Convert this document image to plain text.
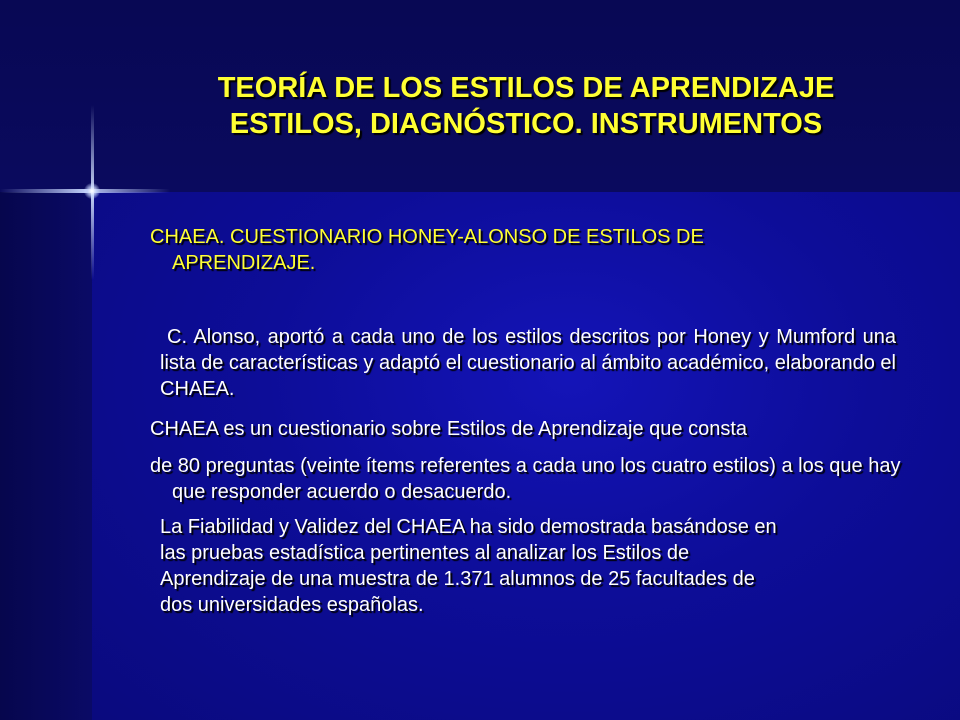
TEORÍA DE LOS ESTILOS DE APRENDIZAJE
ESTILOS, DIAGNÓSTICO. INSTRUMENTOS
CHAEA. CUESTIONARIO HONEY-ALONSO DE ESTILOS DE APRENDIZAJE.
C. Alonso, aportó a cada uno de los estilos descritos por Honey y Mumford una lista de características y adaptó el cuestionario al ámbito académico, elaborando el CHAEA.
CHAEA es un cuestionario sobre Estilos de Aprendizaje que consta
de 80 preguntas (veinte ítems referentes a cada uno los cuatro estilos) a los que hay que responder acuerdo o desacuerdo.
La Fiabilidad y Validez del CHAEA ha sido demostrada basándose en
las pruebas estadística pertinentes al analizar los Estilos de
Aprendizaje de una muestra de 1.371 alumnos de 25 facultades de
dos universidades españolas.
